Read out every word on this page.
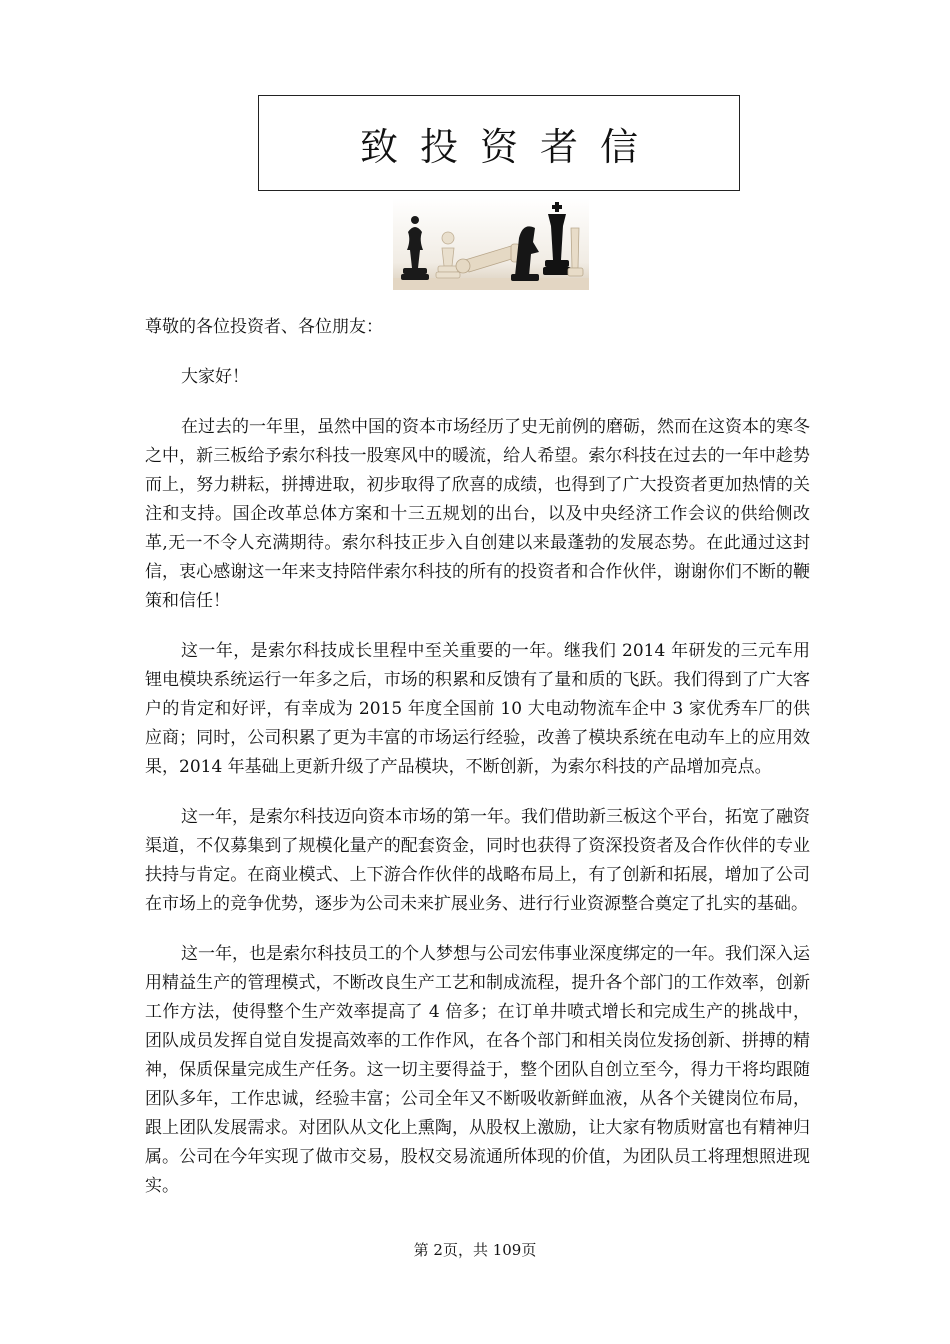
致投资者信

尊敬的各位投资者、各位朋友：

大家好！

在过去的一年里，虽然中国的资本市场经历了史无前例的磨砺，然而在这资本的寒冬之中，新三板给予索尔科技一股寒风中的暖流，给人希望。索尔科技在过去的一年中趁势而上，努力耕耘，拼搏进取，初步取得了欣喜的成绩，也得到了广大投资者更加热情的关注和支持。国企改革总体方案和十三五规划的出台，以及中央经济工作会议的供给侧改革,无一不令人充满期待。索尔科技正步入自创建以来最蓬勃的发展态势。在此通过这封信，衷心感谢这一年来支持陪伴索尔科技的所有的投资者和合作伙伴，谢谢你们不断的鞭策和信任！

这一年，是索尔科技成长里程中至关重要的一年。继我们 2014 年研发的三元车用锂电模块系统运行一年多之后，市场的积累和反馈有了量和质的飞跃。我们得到了广大客户的肯定和好评，有幸成为 2015 年度全国前 10 大电动物流车企中 3 家优秀车厂的供应商；同时，公司积累了更为丰富的市场运行经验，改善了模块系统在电动车上的应用效果，2014 年基础上更新升级了产品模块，不断创新，为索尔科技的产品增加亮点。

这一年，是索尔科技迈向资本市场的第一年。我们借助新三板这个平台，拓宽了融资渠道，不仅募集到了规模化量产的配套资金，同时也获得了资深投资者及合作伙伴的专业扶持与肯定。在商业模式、上下游合作伙伴的战略布局上，有了创新和拓展，增加了公司在市场上的竞争优势，逐步为公司未来扩展业务、进行行业资源整合奠定了扎实的基础。

这一年，也是索尔科技员工的个人梦想与公司宏伟事业深度绑定的一年。我们深入运用精益生产的管理模式，不断改良生产工艺和制成流程，提升各个部门的工作效率，创新工作方法，使得整个生产效率提高了 4 倍多；在订单井喷式增长和完成生产的挑战中，团队成员发挥自觉自发提高效率的工作作风，在各个部门和相关岗位发扬创新、拼搏的精神，保质保量完成生产任务。这一切主要得益于，整个团队自创立至今，得力干将均跟随团队多年，工作忠诚，经验丰富；公司全年又不断吸收新鲜血液，从各个关键岗位布局，跟上团队发展需求。对团队从文化上熏陶，从股权上激励，让大家有物质财富也有精神归属。公司在今年实现了做市交易，股权交易流通所体现的价值，为团队员工将理想照进现实。

第 2页，共 109页
